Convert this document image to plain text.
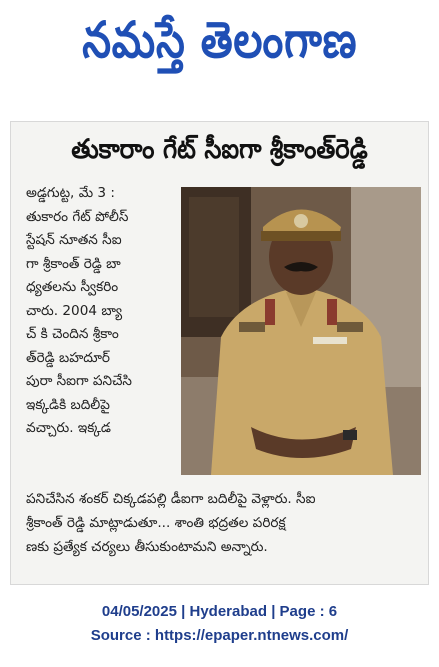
నమస్తే తెలంగాణ
తుకారాం గేట్ సీఐగా శ్రీకాంత్‌రెడ్డి
అడ్డగుట్ట, మే 3 :
తుకారం గేట్ పోలీస్
స్టేషన్ నూతన సీఐ
గా శ్రీకాంత్ రెడ్డి బా
ధ్యతలను స్వీకరిం
చారు. 2004 బ్యా
చ్ కి చెందిన శ్రీకాం
త్‌రెడ్డి బహదూర్
పురా సీఐగా పనిచేసి
ఇక్కడికి బదిలీపై
వచ్చారు. ఇక్కడ
పనిచేసిన శంకర్ చిక్కడపల్లి డీఐగా బదిలీపై వెళ్లారు. సీఐ
శ్రీకాంత్ రెడ్డి మాట్లాడుతూ... శాంతి భద్రతల పరిరక్ష
ణకు ప్రత్యేక చర్యలు తీసుకుంటామని అన్నారు.
04/05/2025 | Hyderabad | Page : 6
Source : https://epaper.ntnews.com/
